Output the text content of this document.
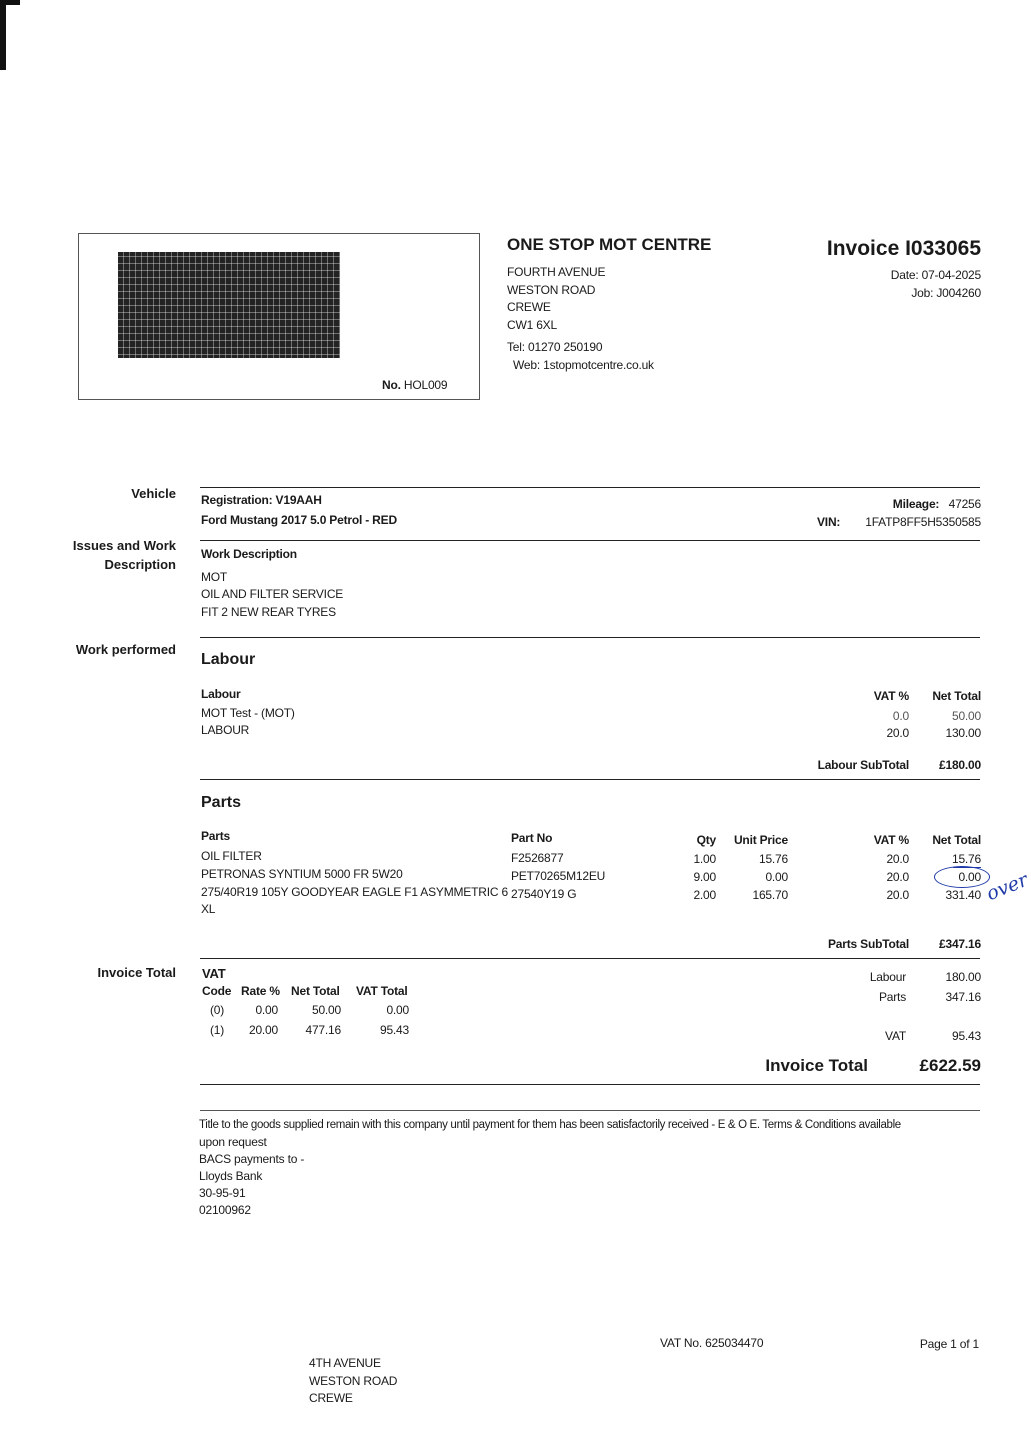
No. HOL009
ONE STOP MOT CENTRE
FOURTH AVENUE
WESTON ROAD
CREWE
CW1 6XL
Tel: 01270 250190
Web: 1stopmotcentre.co.uk
Invoice I033065
Date: 07-04-2025
Job: J004260
Vehicle
Issues and Work
Description
Work performed
Invoice Total
Registration: V19AAH
Ford Mustang 2017 5.0 Petrol - RED
Mileage: 47256
VIN: 1FATP8FF5H5350585
Work Description
MOT
OIL AND FILTER SERVICE
FIT 2 NEW REAR TYRES
Labour
Labour	VAT % Net Total
MOT Test - (MOT)	0.0	50.00
LABOUR	20.0	130.00
Labour SubTotal	£180.00
Parts
Parts	Part No	Qty Unit Price	VAT % Net Total
OIL FILTER	F2526877	1.00	15.76	20.0	15.76
PETRONAS SYNTIUM 5000 FR 5W20	PET70265M12EU	9.00	0.00	20.0	0.00
275/40R19 105Y GOODYEAR EAGLE F1 ASYMMETRIC 6
XL
27540Y19 G	2.00	165.70	20.0	331.40 over
Parts SubTotal	£347.16
VAT
Code Rate % Net Total VAT Total
(0)	0.00	50.00	0.00
(1) 20.00 477.16	95.43
Labour	180.00
Parts	347.16
VAT	95.43
Invoice Total	£622.59
Title to the goods supplied remain with this company until payment for them has been satisfactorily received - E & O E. Terms & Conditions available
upon request
BACS payments to -
Lloyds Bank
30-95-91
02100962
VAT No. 625034470	Page 1 of 1
4TH AVENUE
WESTON ROAD
CREWE
